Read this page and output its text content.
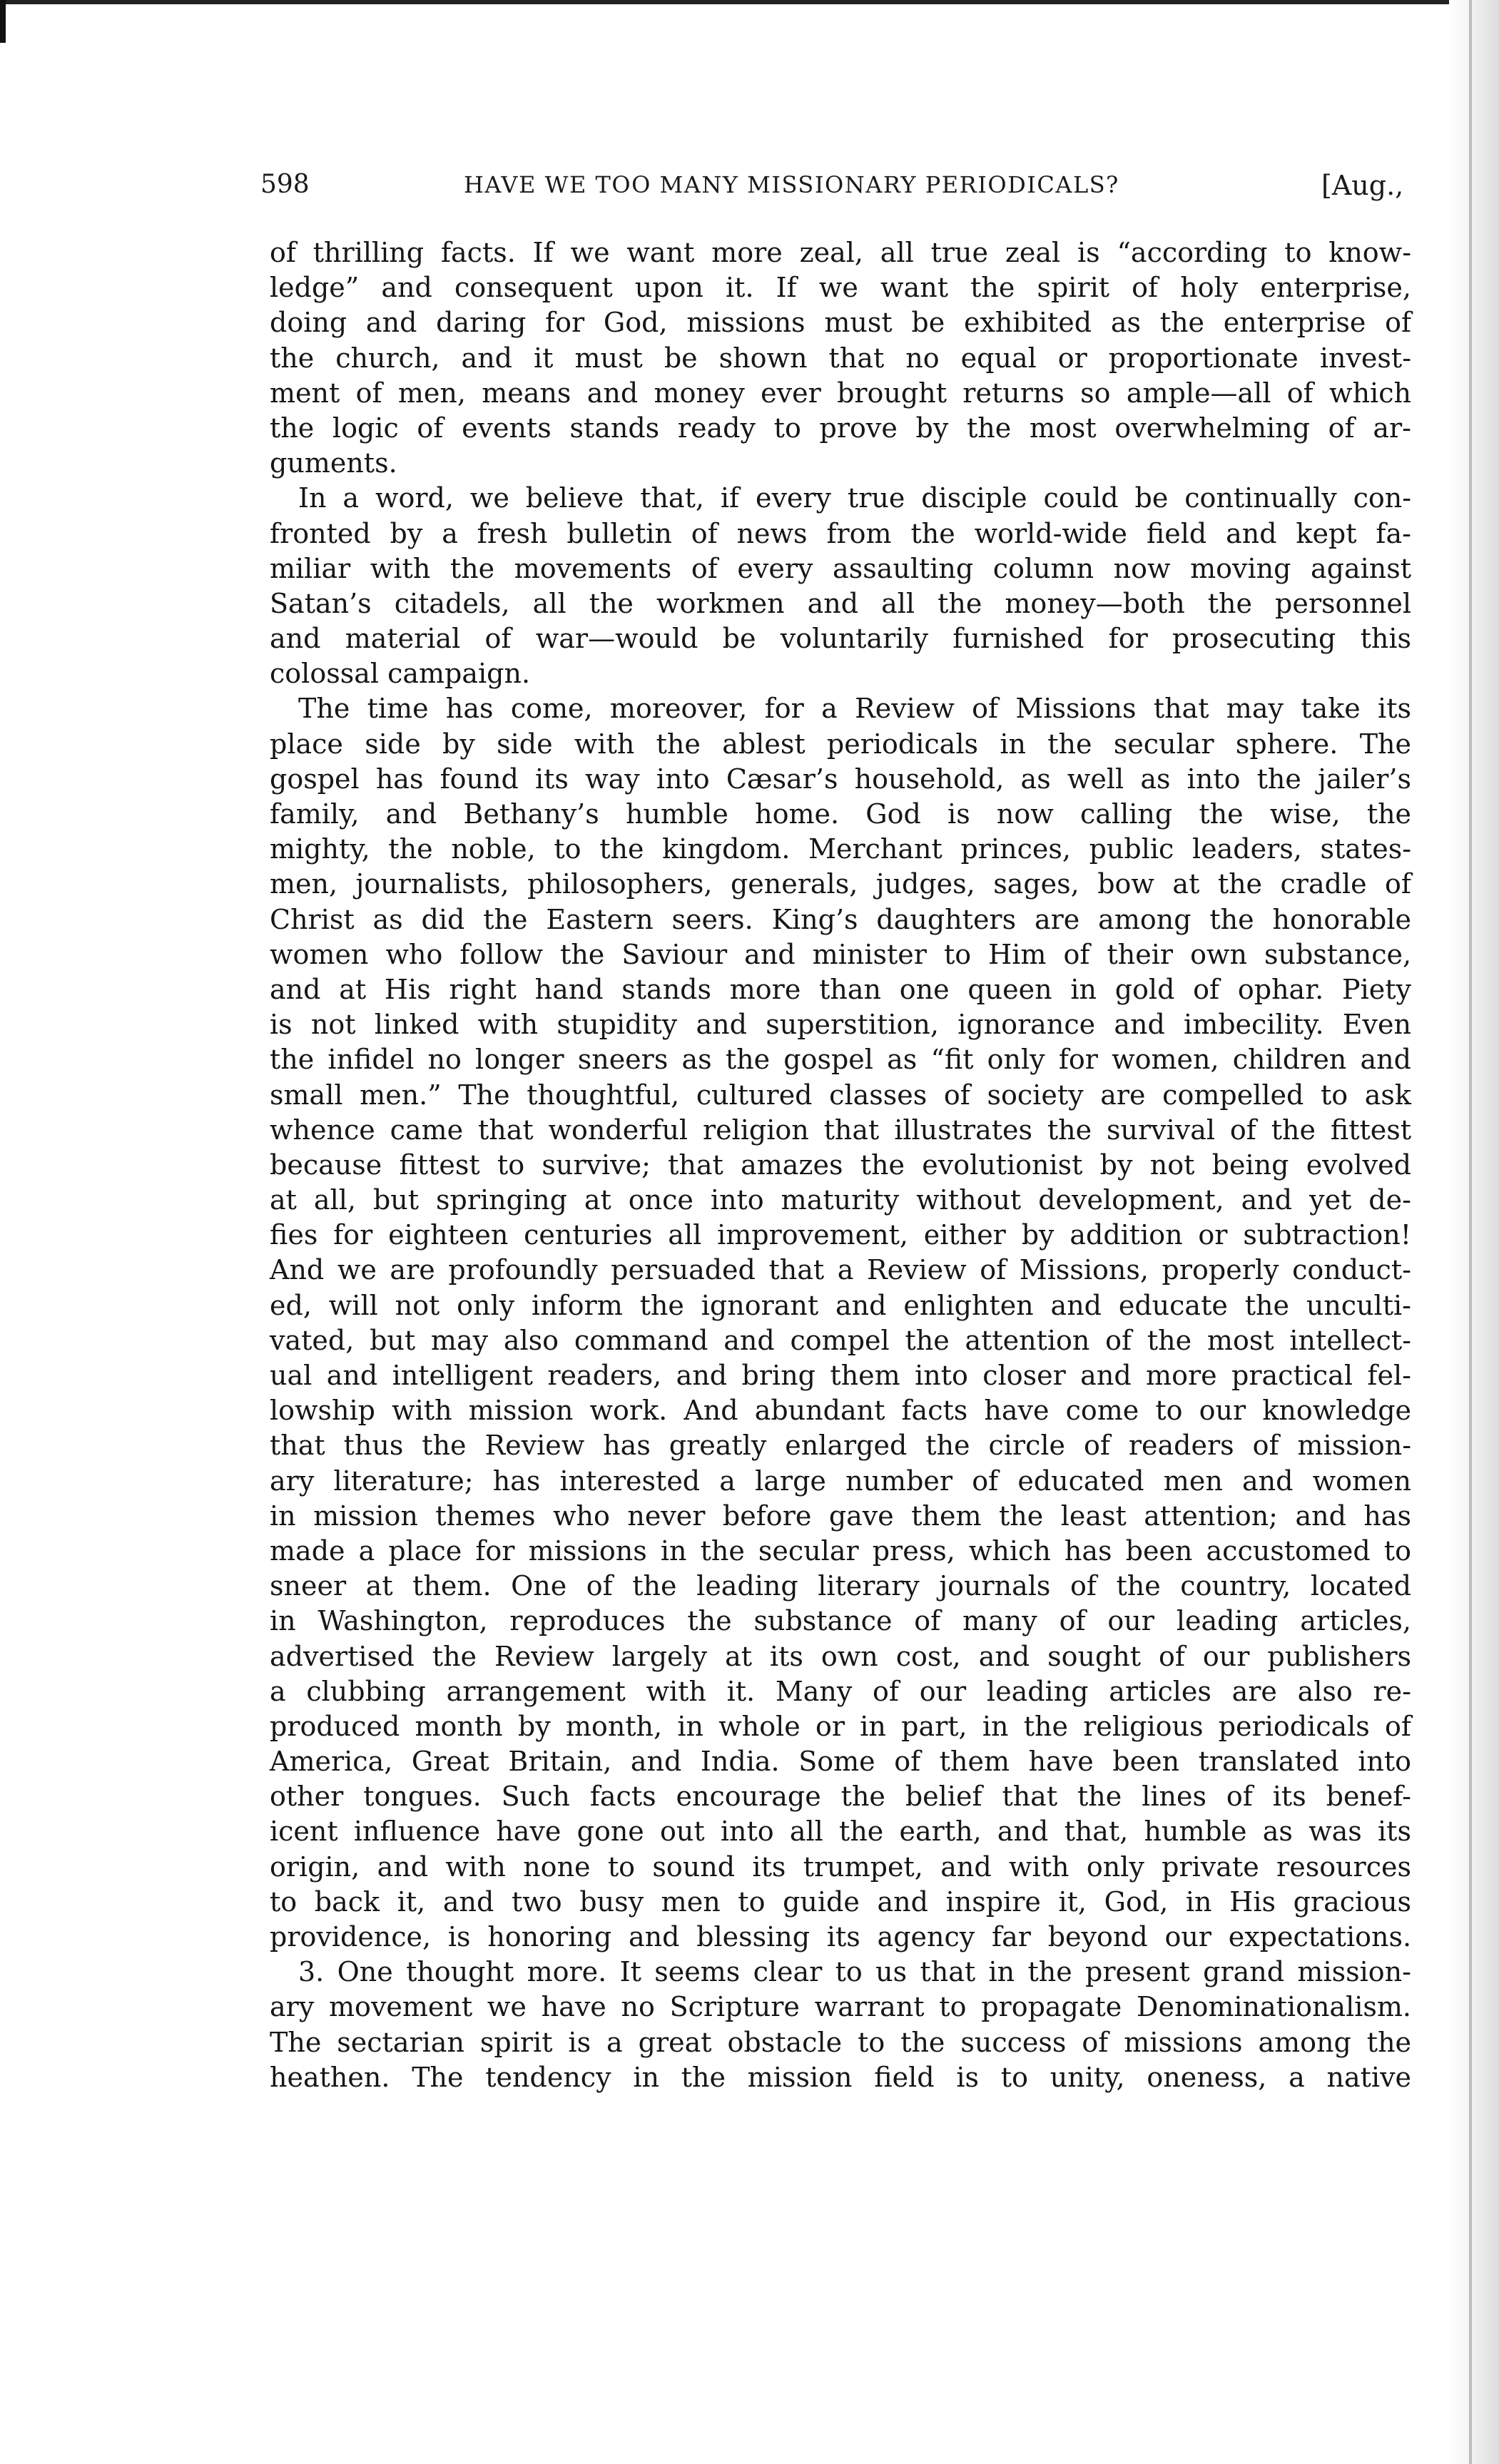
598	HAVE WE TOO MANY MISSIONARY PERIODICALS?	[Aug.,
of thrilling facts. If we want more zeal, all true zeal is “according to know-
ledge” and consequent upon it. If we want the spirit of holy enterprise,
doing and daring for God, missions must be exhibited as the enterprise of
the church, and it must be shown that no equal or proportionate invest-
ment of men, means and money ever brought returns so ample—all of which
the logic of events stands ready to prove by the most overwhelming of ar-
guments.
In a word, we believe that, if every true disciple could be continually con-
fronted by a fresh bulletin of news from the world-wide field and kept fa-
miliar with the movements of every assaulting column now moving against
Satan’s citadels, all the workmen and all the money—both the personnel
and material of war—would be voluntarily furnished for prosecuting this
colossal campaign.
The time has come, moreover, for a Review of Missions that may take its
place side by side with the ablest periodicals in the secular sphere. The
gospel has found its way into Cæsar’s household, as well as into the jailer’s
family, and Bethany’s humble home. God is now calling the wise, the
mighty, the noble, to the kingdom. Merchant princes, public leaders, states-
men, journalists, philosophers, generals, judges, sages, bow at the cradle of
Christ as did the Eastern seers. King’s daughters are among the honorable
women who follow the Saviour and minister to Him of their own substance,
and at His right hand stands more than one queen in gold of ophar. Piety
is not linked with stupidity and superstition, ignorance and imbecility. Even
the infidel no longer sneers as the gospel as “fit only for women, children and
small men.” The thoughtful, cultured classes of society are compelled to ask
whence came that wonderful religion that illustrates the survival of the fittest
because fittest to survive; that amazes the evolutionist by not being evolved
at all, but springing at once into maturity without development, and yet de-
fies for eighteen centuries all improvement, either by addition or subtraction!
And we are profoundly persuaded that a Review of Missions, properly conduct-
ed, will not only inform the ignorant and enlighten and educate the unculti-
vated, but may also command and compel the attention of the most intellect-
ual and intelligent readers, and bring them into closer and more practical fel-
lowship with mission work. And abundant facts have come to our knowledge
that thus the Review has greatly enlarged the circle of readers of mission-
ary literature; has interested a large number of educated men and women
in mission themes who never before gave them the least attention; and has
made a place for missions in the secular press, which has been accustomed to
sneer at them. One of the leading literary journals of the country, located
in Washington, reproduces the substance of many of our leading articles,
advertised the Review largely at its own cost, and sought of our publishers
a clubbing arrangement with it. Many of our leading articles are also re-
produced month by month, in whole or in part, in the religious periodicals of
America, Great Britain, and India. Some of them have been translated into
other tongues. Such facts encourage the belief that the lines of its benef-
icent influence have gone out into all the earth, and that, humble as was its
origin, and with none to sound its trumpet, and with only private resources
to back it, and two busy men to guide and inspire it, God, in His gracious
providence, is honoring and blessing its agency far beyond our expectations.
3. One thought more. It seems clear to us that in the present grand mission-
ary movement we have no Scripture warrant to propagate Denominationalism.
The sectarian spirit is a great obstacle to the success of missions among the
heathen. The tendency in the mission field is to unity, oneness, a native
